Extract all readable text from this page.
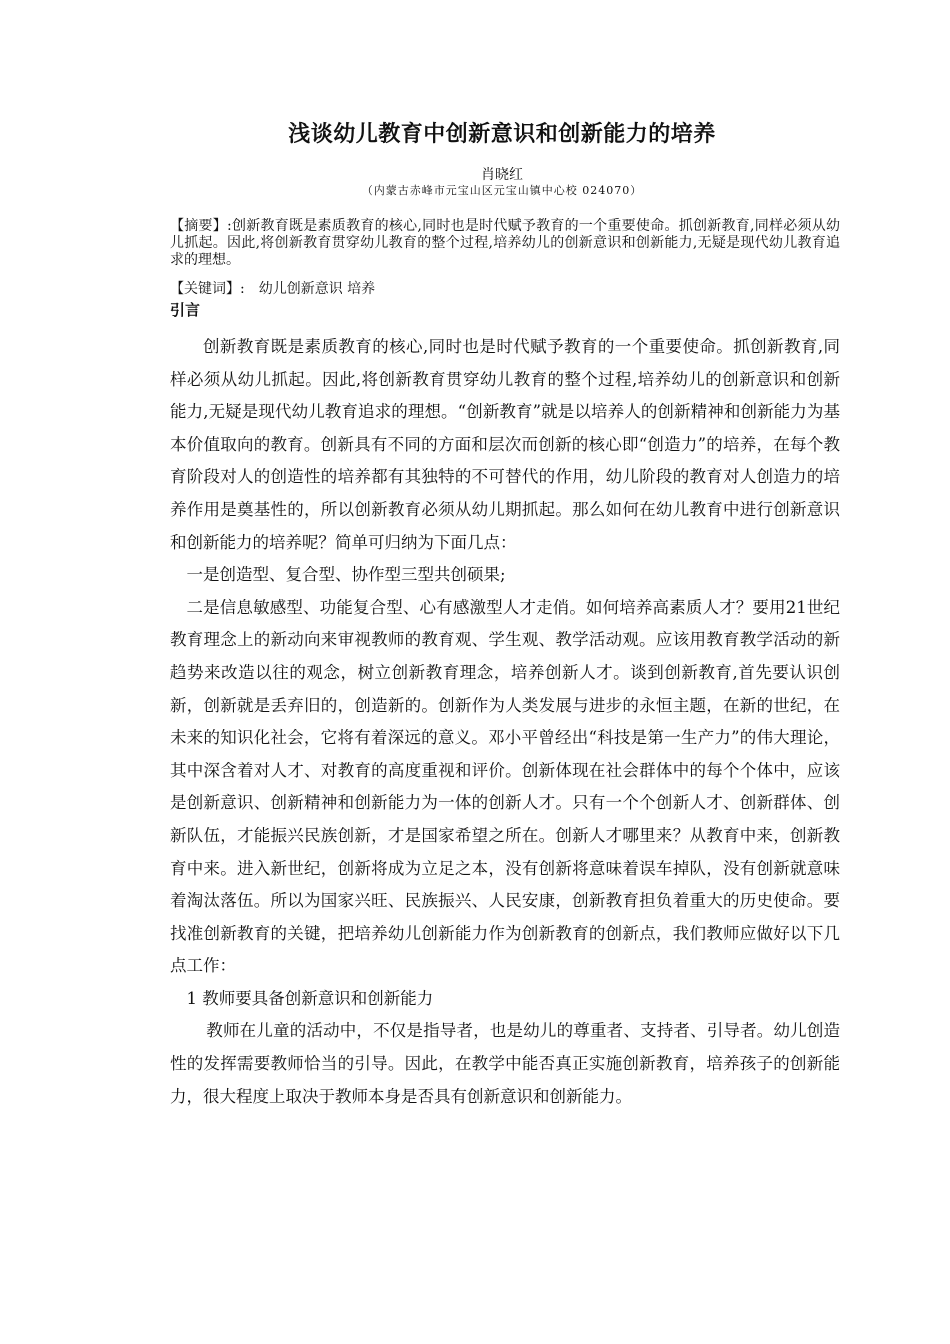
浅谈幼儿教育中创新意识和创新能力的培养
肖晓红
（内蒙古赤峰市元宝山区元宝山镇中心校 024070）
【摘要】:创新教育既是素质教育的核心,同时也是时代赋予教育的一个重要使命。抓创新教育,同样必须从幼儿抓起。因此,将创新教育贯穿幼儿教育的整个过程,培养幼儿的创新意识和创新能力,无疑是现代幼儿教育追求的理想。
【关键词】: 幼儿创新意识 培养
引言

创新教育既是素质教育的核心,同时也是时代赋予教育的一个重要使命。抓创新教育,同样必须从幼儿抓起。因此,将创新教育贯穿幼儿教育的整个过程,培养幼儿的创新意识和创新能力,无疑是现代幼儿教育追求的理想。“创新教育”就是以培养人的创新精神和创新能力为基本价值取向的教育。创新具有不同的方面和层次而创新的核心即“创造力”的培养，在每个教育阶段对人的创造性的培养都有其独特的不可替代的作用，幼儿阶段的教育对人创造力的培养作用是奠基性的，所以创新教育必须从幼儿期抓起。那么如何在幼儿教育中进行创新意识和创新能力的培养呢？简单可归纳为下面几点：

一是创造型、复合型、协作型三型共创硕果;

二是信息敏感型、功能复合型、心有感激型人才走俏。如何培养高素质人才？要用21世纪教育理念上的新动向来审视教师的教育观、学生观、教学活动观。应该用教育教学活动的新趋势来改造以往的观念，树立创新教育理念，培养创新人才。谈到创新教育,首先要认识创新，创新就是丢弃旧的，创造新的。创新作为人类发展与进步的永恒主题，在新的世纪，在未来的知识化社会，它将有着深远的意义。邓小平曾经出“科技是第一生产力”的伟大理论，其中深含着对人才、对教育的高度重视和评价。创新体现在社会群体中的每个个体中，应该是创新意识、创新精神和创新能力为一体的创新人才。只有一个个创新人才、创新群体、创新队伍，才能振兴民族创新，才是国家希望之所在。创新人才哪里来？从教育中来，创新教育中来。进入新世纪，创新将成为立足之本，没有创新将意味着误车掉队，没有创新就意味着淘汰落伍。所以为国家兴旺、民族振兴、人民安康，创新教育担负着重大的历史使命。要找准创新教育的关键，把培养幼儿创新能力作为创新教育的创新点，我们教师应做好以下几点工作：

1 教师要具备创新意识和创新能力

教师在儿童的活动中，不仅是指导者，也是幼儿的尊重者、支持者、引导者。幼儿创造性的发挥需要教师恰当的引导。因此，在教学中能否真正实施创新教育，培养孩子的创新能力，很大程度上取决于教师本身是否具有创新意识和创新能力。
